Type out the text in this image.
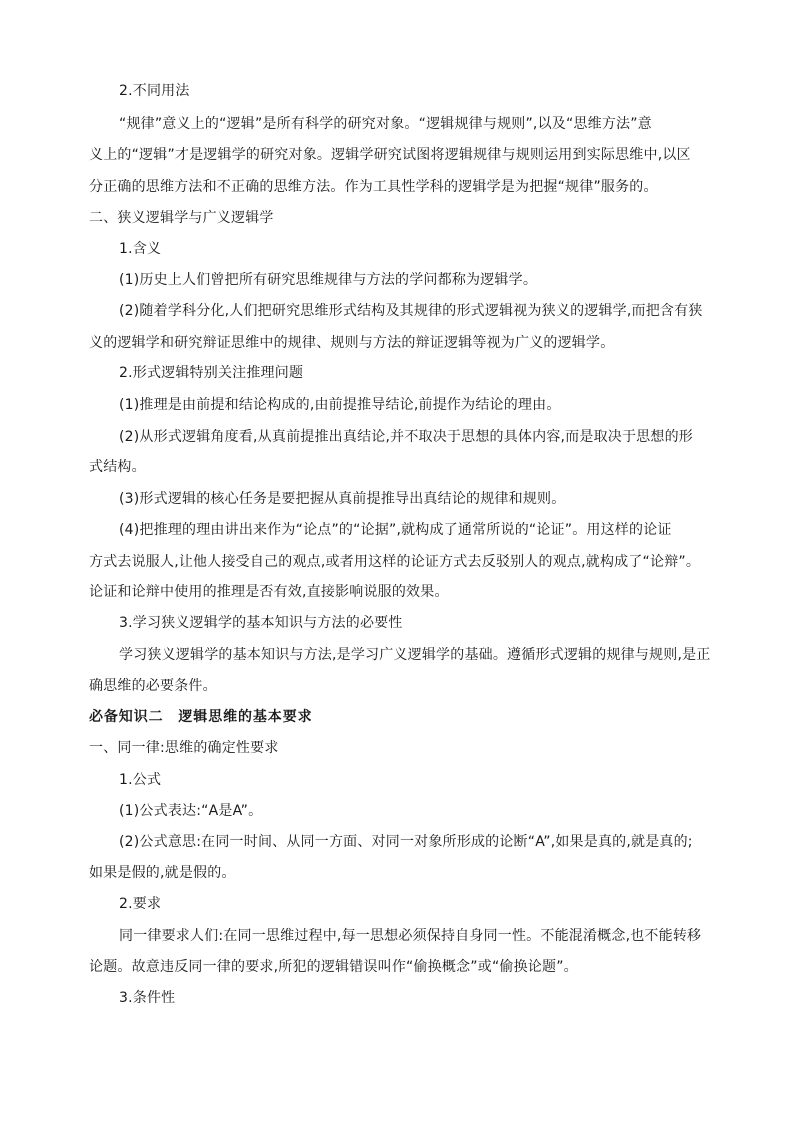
2.不同用法
“规律”意义上的“逻辑”是所有科学的研究对象。“逻辑规律与规则”,以及“思维方法”意
义上的“逻辑”才是逻辑学的研究对象。逻辑学研究试图将逻辑规律与规则运用到实际思维中,以区
分正确的思维方法和不正确的思维方法。作为工具性学科的逻辑学是为把握“规律”服务的。
二、狭义逻辑学与广义逻辑学
1.含义
(1)历史上人们曾把所有研究思维规律与方法的学问都称为逻辑学。
(2)随着学科分化,人们把研究思维形式结构及其规律的形式逻辑视为狭义的逻辑学,而把含有狭
义的逻辑学和研究辩证思维中的规律、规则与方法的辩证逻辑等视为广义的逻辑学。
2.形式逻辑特别关注推理问题
(1)推理是由前提和结论构成的,由前提推导结论,前提作为结论的理由。
(2)从形式逻辑角度看,从真前提推出真结论,并不取决于思想的具体内容,而是取决于思想的形
式结构。
(3)形式逻辑的核心任务是要把握从真前提推导出真结论的规律和规则。
(4)把推理的理由讲出来作为“论点”的“论据”,就构成了通常所说的“论证”。用这样的论证
方式去说服人,让他人接受自己的观点,或者用这样的论证方式去反驳别人的观点,就构成了“论辩”。
论证和论辩中使用的推理是否有效,直接影响说服的效果。
3.学习狭义逻辑学的基本知识与方法的必要性
学习狭义逻辑学的基本知识与方法,是学习广义逻辑学的基础。遵循形式逻辑的规律与规则,是正
确思维的必要条件。
必备知识二　逻辑思维的基本要求
一、同一律:思维的确定性要求
1.公式
(1)公式表达:“A是A”。
(2)公式意思:在同一时间、从同一方面、对同一对象所形成的论断“A”,如果是真的,就是真的;
如果是假的,就是假的。
2.要求
同一律要求人们:在同一思维过程中,每一思想必须保持自身同一性。不能混淆概念,也不能转移
论题。故意违反同一律的要求,所犯的逻辑错误叫作“偷换概念”或“偷换论题”。
3.条件性
